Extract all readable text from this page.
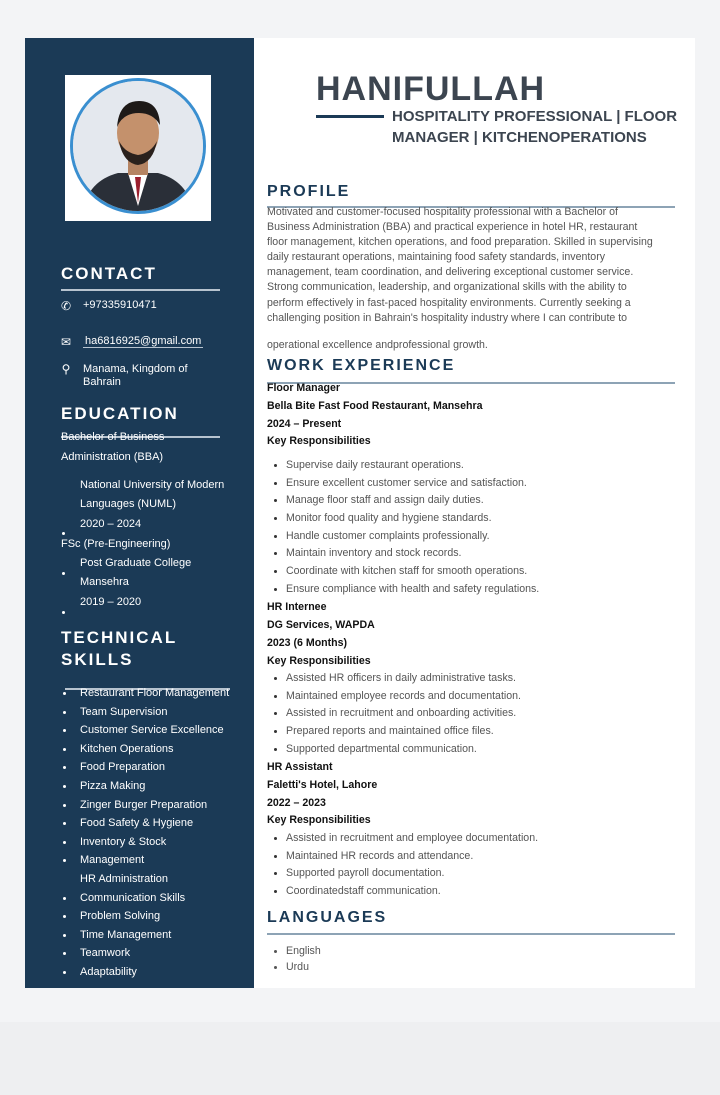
CONTACT
✆	+97335910471
✉	ha6816925@gmail.com
⚲	Manama, Kingdom of
Bahrain
EDUCATION
Bachelor of Business
Administration (BBA)
National University of Modern
Languages (NUML)
2020 – 2024
FSc (Pre-Engineering)
Post Graduate College
Mansehra
2019 – 2020
TECHNICAL
SKILLS
Restaurant Floor Management
Team Supervision
Customer Service Excellence
Kitchen Operations
Food Preparation
Pizza Making
Zinger Burger Preparation
Food Safety & Hygiene
Inventory & Stock
Management
HR Administration
Communication Skills
Problem Solving
Time Management
Teamwork
Adaptability
HANIFULLAH
HOSPITALITY PROFESSIONAL | FLOOR
MANAGER | KITCHENOPERATIONS
PROFILE
Motivated and customer-focused hospitality professional with a Bachelor of
Business Administration (BBA) and practical experience in hotel HR, restaurant
floor management, kitchen operations, and food preparation. Skilled in supervising
daily restaurant operations, maintaining food safety standards, inventory
management, team coordination, and delivering exceptional customer service.
Strong communication, leadership, and organizational skills with the ability to
perform effectively in fast-paced hospitality environments. Currently seeking a
challenging position in Bahrain's hospitality industry where I can contribute to
operational excellence andprofessional growth.
WORK EXPERIENCE
Floor Manager
Bella Bite Fast Food Restaurant, Mansehra
2024 – Present
Key Responsibilities
Supervise daily restaurant operations.
Ensure excellent customer service and satisfaction.
Manage floor staff and assign daily duties.
Monitor food quality and hygiene standards.
Handle customer complaints professionally.
Maintain inventory and stock records.
Coordinate with kitchen staff for smooth operations.
Ensure compliance with health and safety regulations.
HR Internee
DG Services, WAPDA
2023 (6 Months)
Key Responsibilities
Assisted HR officers in daily administrative tasks.
Maintained employee records and documentation.
Assisted in recruitment and onboarding activities.
Prepared reports and maintained office files.
Supported departmental communication.
HR Assistant
Faletti's Hotel, Lahore
2022 – 2023
Key Responsibilities
Assisted in recruitment and employee documentation.
Maintained HR records and attendance.
Supported payroll documentation.
Coordinatedstaff communication.
LANGUAGES
English
Urdu
